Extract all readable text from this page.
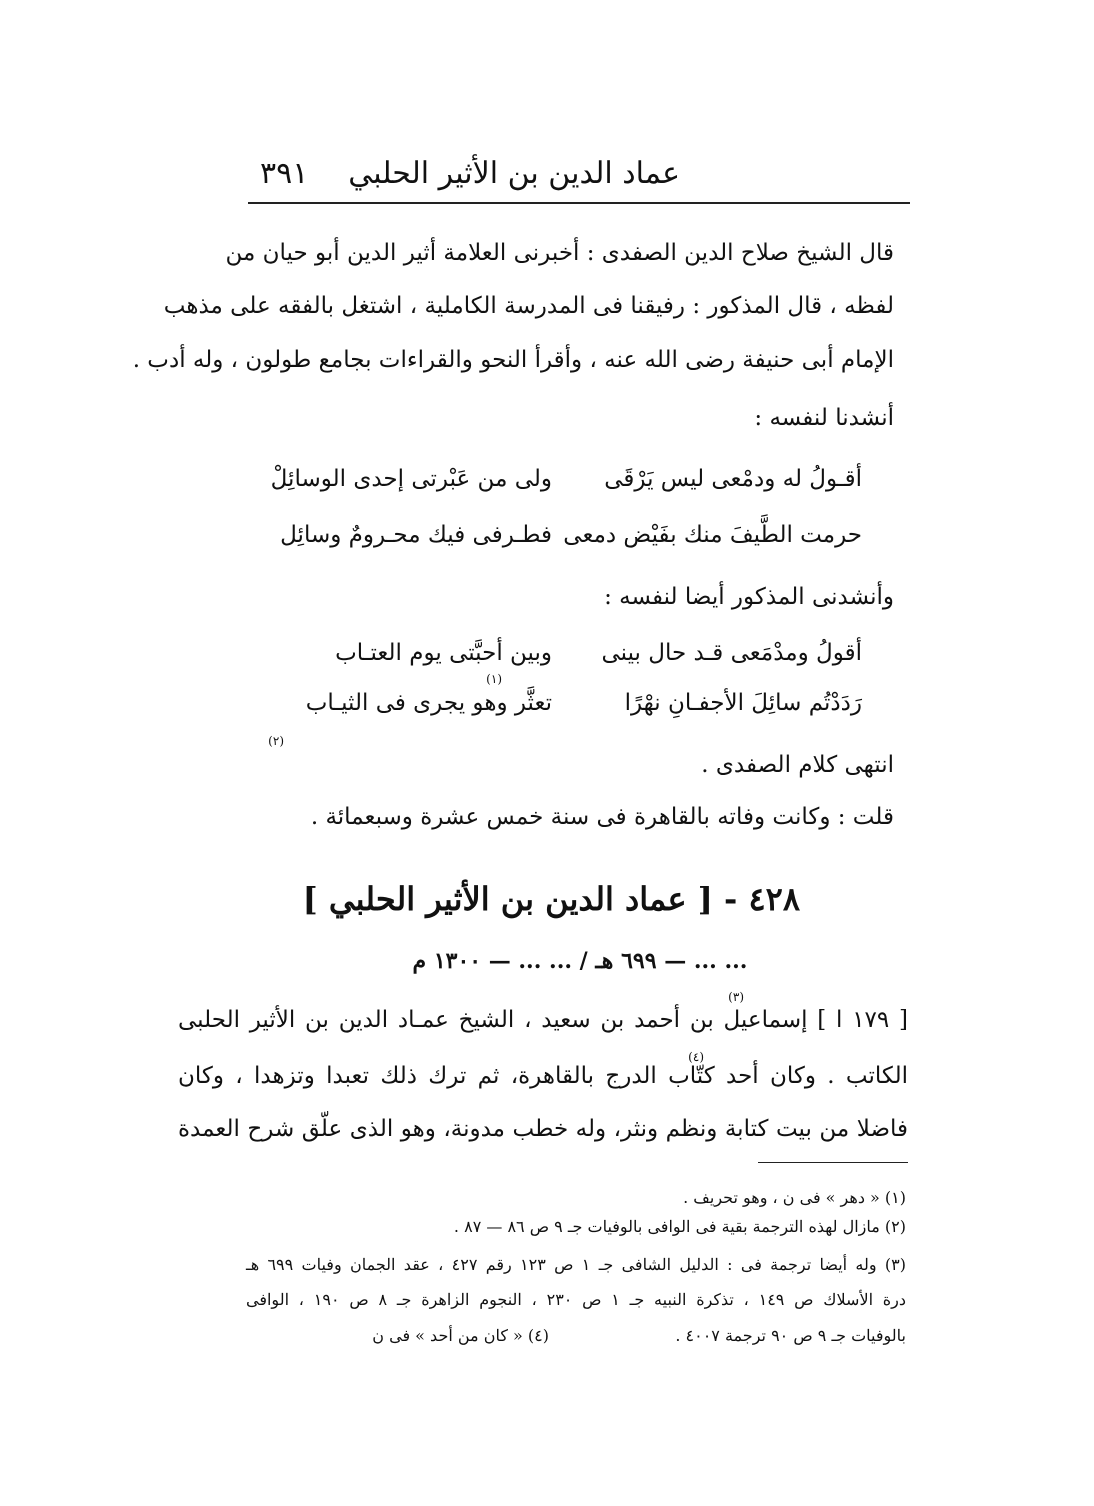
عماد الدين بن الأثير الحلبي
٣٩١
قال الشيخ صلاح الدين الصفدى : أخبرنى العلامة أثير الدين أبو حيان من
لفظه ، قال المذكور : رفيقنا فى المدرسة الكاملية ، اشتغل بالفقه على مذهب
الإمام أبى حنيفة رضى الله عنه ، وأقرأ النحو والقراءات بجامع طولون ، وله أدب .
أنشدنا لنفسه :
أقـولُ له ودمْعى ليس يَرْقَى
ولى من عَبْرتى إحدى الوسائِلْ
حرمت الطَّيفَ منك بفَيْض دمعى
فطـرفى فيك محـرومٌ وسائِل
وأنشدنى المذكور أيضا لنفسه :
أقولُ ومدْمَعى قـد حال بينى
وبين أحبَّتى يوم العتـاب
(١)
رَدَدْتُم سائِلَ الأجفـانِ نهْرًا
تعثَّر وهو يجرى فى الثيـاب
(٢)
انتهى كلام الصفدى .
قلت : وكانت وفاته بالقاهرة فى سنة خمس عشرة وسبعمائة .
٤٢٨ - [ عماد الدين بن الأثير الحلبي ]
... ... — ٦٩٩ هـ / ... ... — ١٣٠٠ م
(٣)
[ ١٧٩ ا ] إسماعيل بن أحمد بن سعيد ، الشيخ عمـاد الدين بن الأثير الحلبى
(٤)
الكاتب . وكان أحد كتّاب الدرج بالقاهرة، ثم ترك ذلك تعبدا وتزهدا ، وكان
فاضلا من بيت كتابة ونظم ونثر، وله خطب مدونة، وهو الذى علّق شرح العمدة
(١) « دهر » فى ن ، وهو تحريف .
(٢) مازال لهذه الترجمة بقية فى الوافى بالوفيات جـ ٩ ص ٨٦ — ٨٧ .
(٣) وله أيضا ترجمة فى : الدليل الشافى جـ ١ ص ١٢٣ رقم ٤٢٧ ، عقد الجمان وفيات ٦٩٩ هـ
درة الأسلاك ص ١٤٩ ، تذكرة النبيه جـ ١ ص ٢٣٠ ، النجوم الزاهرة جـ ٨ ص ١٩٠ ، الوافى
بالوفيات جـ ٩ ص ٩٠ ترجمة ٤٠٠٧ .
(٤) « كان من أحد » فى ن
